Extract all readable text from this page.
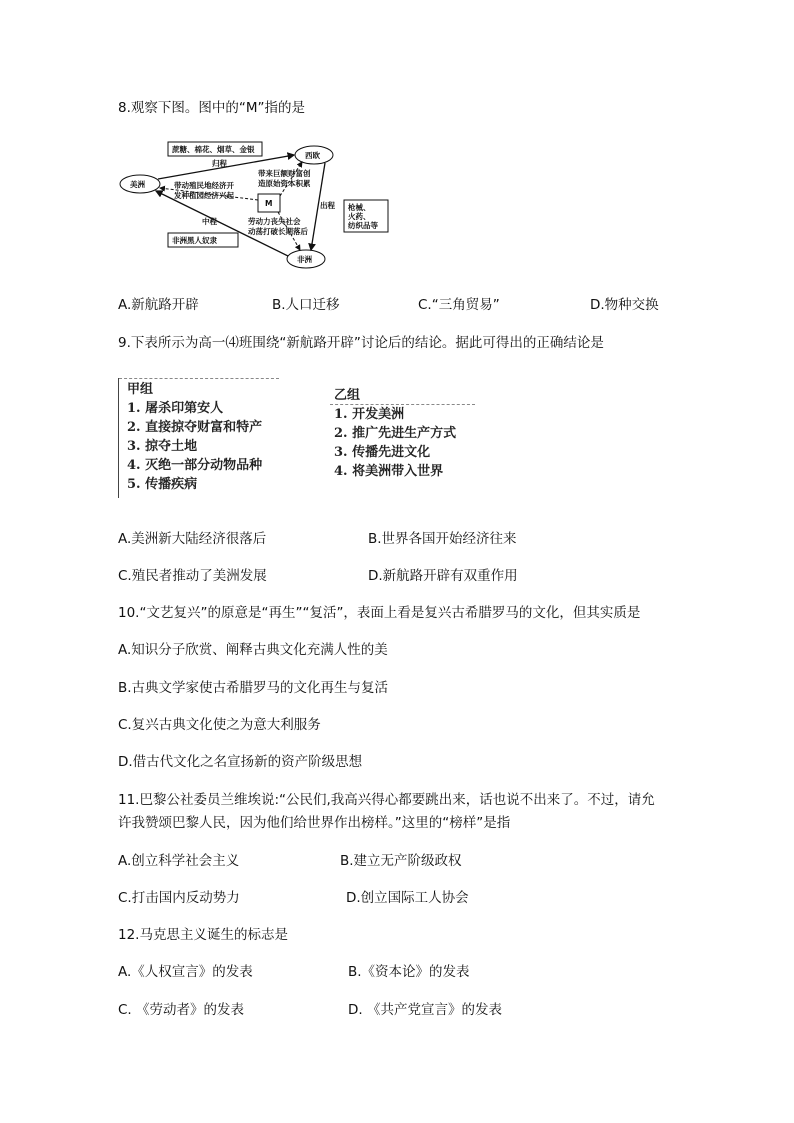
8.观察下图。图中的“M”指的是
蔗糖、棉花、烟草、金银
西欧
美洲
非洲
归程
出程
中程
M
带来巨额财富创
造原始资本积累
带动殖民地经济开
发种植园经济兴起
劳动力丧失社会
动荡打破长期落后
枪械、
火药、
纺织品等
非洲黑人奴隶
A.新航路开辟	B.人口迁移	C.“三角贸易”	D.物种交换
9.下表所示为高一⑷班围绕“新航路开辟”讨论后的结论。据此可得出的正确结论是
甲组
1. 屠杀印第安人
2. 直接掠夺财富和特产
3. 掠夺土地
4. 灭绝一部分动物品种
5. 传播疾病
乙组
1. 开发美洲
2. 推广先进生产方式
3. 传播先进文化
4. 将美洲带入世界
A.美洲新大陆经济很落后	B.世界各国开始经济往来
C.殖民者推动了美洲发展	D.新航路开辟有双重作用
10.“文艺复兴”的原意是“再生”“复活”，表面上看是复兴古希腊罗马的文化，但其实质是
A.知识分子欣赏、阐释古典文化充满人性的美
B.古典文学家使古希腊罗马的文化再生与复活
C.复兴古典文化使之为意大利服务
D.借古代文化之名宣扬新的资产阶级思想
11.巴黎公社委员兰维埃说:“公民们,我高兴得心都要跳出来，话也说不出来了。不过，请允
许我赞颂巴黎人民，因为他们给世界作出榜样。”这里的“榜样”是指
A.创立科学社会主义	B.建立无产阶级政权
C.打击国内反动势力	D.创立国际工人协会
12.马克思主义诞生的标志是
A.《人权宣言》的发表	B.《资本论》的发表
C. 《劳动者》的发表	D. 《共产党宣言》的发表
